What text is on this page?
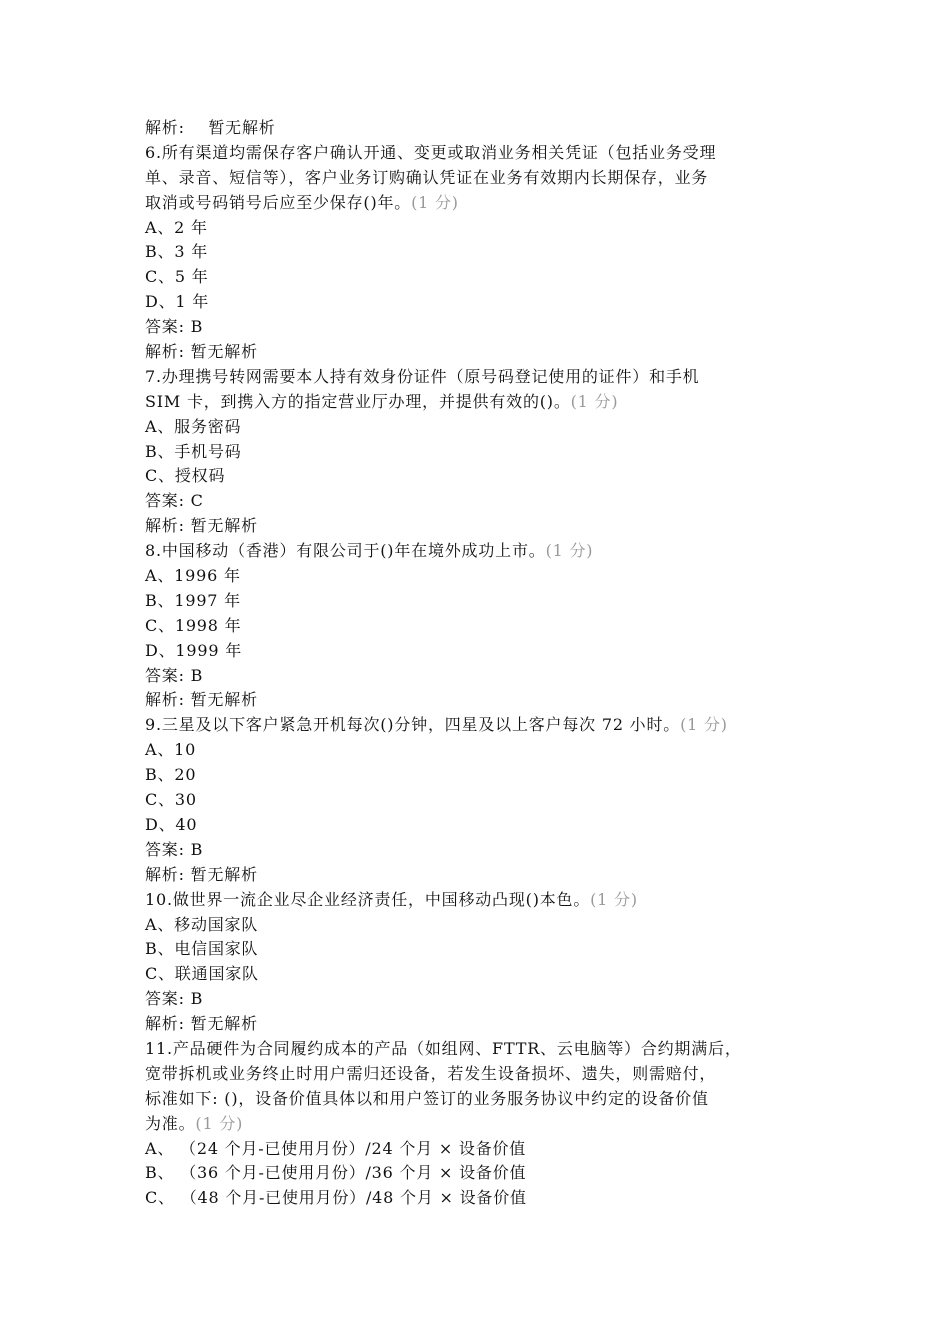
解析: 暂无解析
6.所有渠道均需保存客户确认开通、变更或取消业务相关凭证（包括业务受理
单、录音、短信等），客户业务订购确认凭证在业务有效期内长期保存，业务
取消或号码销号后应至少保存()年。(1 分)
A、2 年
B、3 年
C、5 年
D、1 年
答案: B
解析: 暂无解析
7.办理携号转网需要本人持有效身份证件（原号码登记使用的证件）和手机
SIM 卡，到携入方的指定营业厅办理，并提供有效的()。(1 分)
A、服务密码
B、手机号码
C、授权码
答案: C
解析: 暂无解析
8.中国移动（香港）有限公司于()年在境外成功上市。(1 分)
A、1996 年
B、1997 年
C、1998 年
D、1999 年
答案: B
解析: 暂无解析
9.三星及以下客户紧急开机每次()分钟，四星及以上客户每次 72 小时。(1 分)
A、10
B、20
C、30
D、40
答案: B
解析: 暂无解析
10.做世界一流企业尽企业经济责任，中国移动凸现()本色。(1 分)
A、移动国家队
B、电信国家队
C、联通国家队
答案: B
解析: 暂无解析
11.产品硬件为合同履约成本的产品（如组网、FTTR、云电脑等）合约期满后，
宽带拆机或业务终止时用户需归还设备，若发生设备损坏、遗失，则需赔付，
标准如下: ()，设备价值具体以和用户签订的业务服务协议中约定的设备价值
为准。(1 分)
A、 （24 个月-已使用月份）/24 个月 × 设备价值
B、 （36 个月-已使用月份）/36 个月 × 设备价值
C、 （48 个月-已使用月份）/48 个月 × 设备价值
